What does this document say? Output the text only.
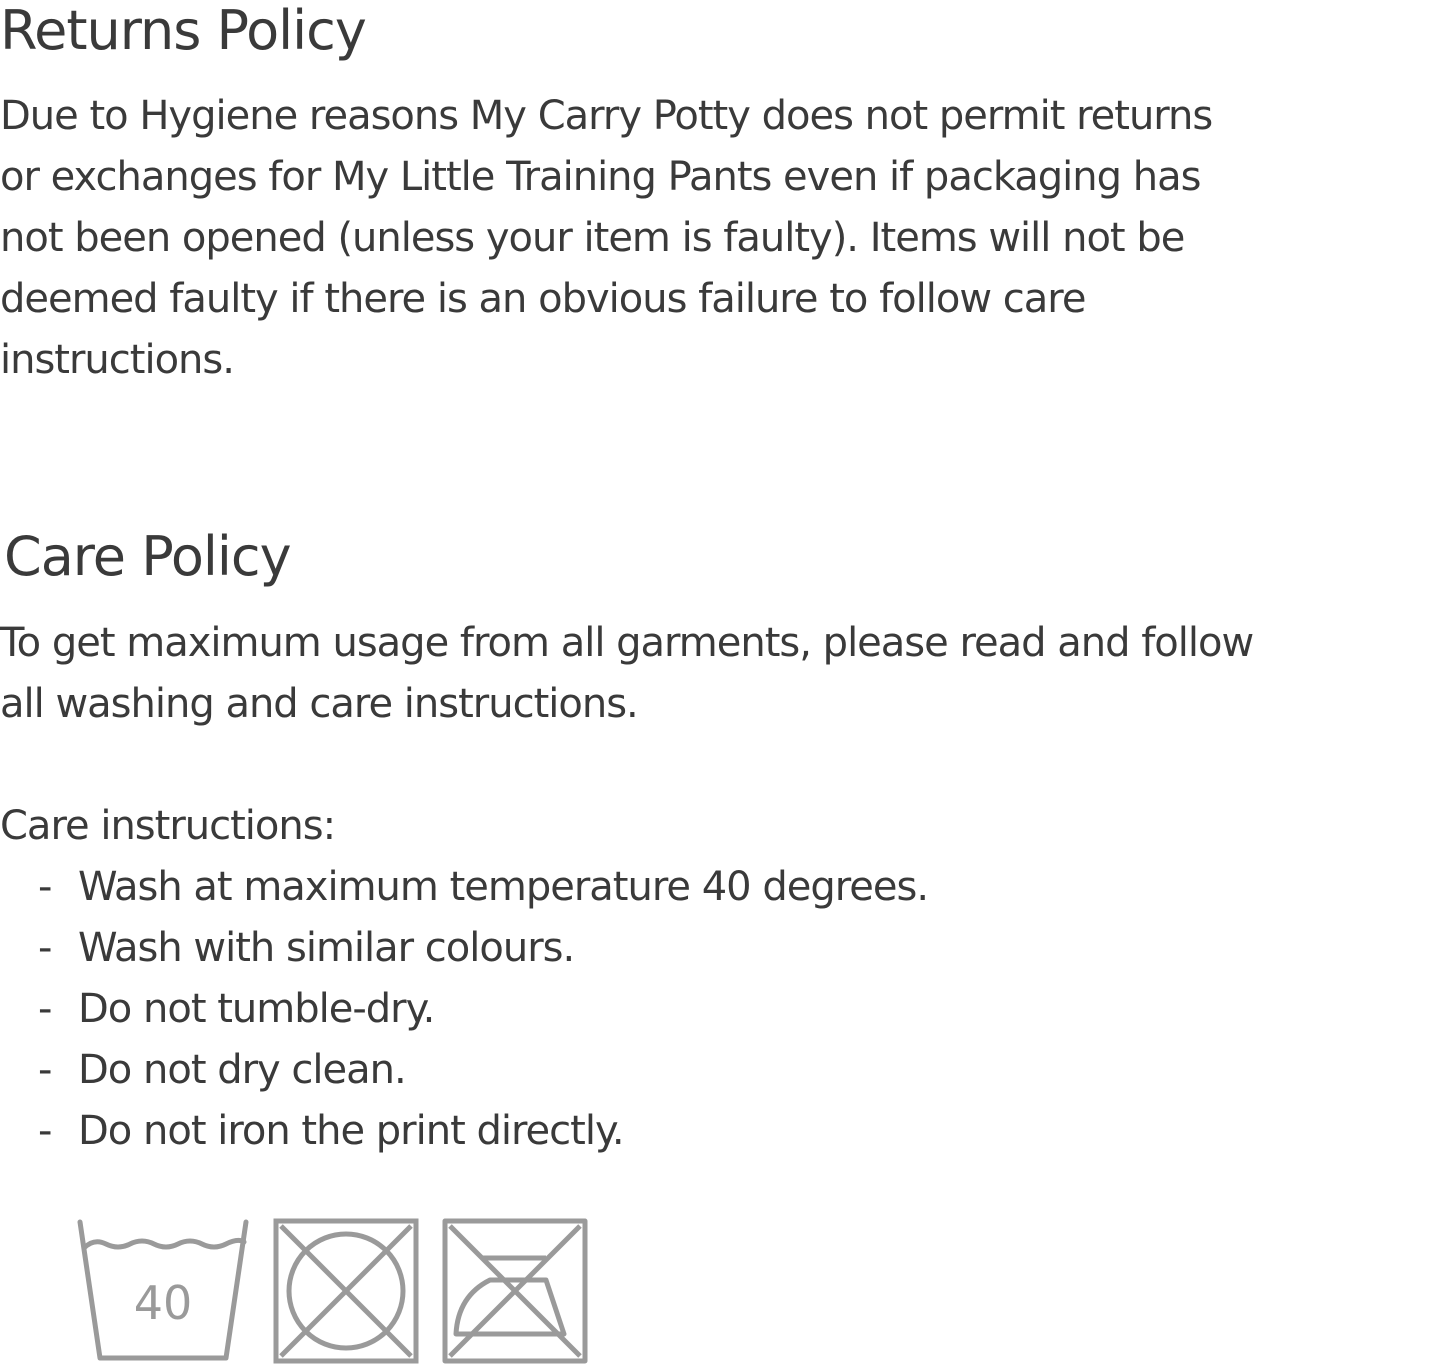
Returns Policy

Due to Hygiene reasons My Carry Potty does not permit returns
or exchanges for My Little Training Pants even if packaging has
not been opened (unless your item is faulty). Items will not be
deemed faulty if there is an obvious failure to follow care
instructions.

Care Policy

To get maximum usage from all garments, please read and follow
all washing and care instructions.

Care instructions:

- Wash at maximum temperature 40 degrees.
- Wash with similar colours.
- Do not tumble-dry.
- Do not dry clean.
- Do not iron the print directly.
40
